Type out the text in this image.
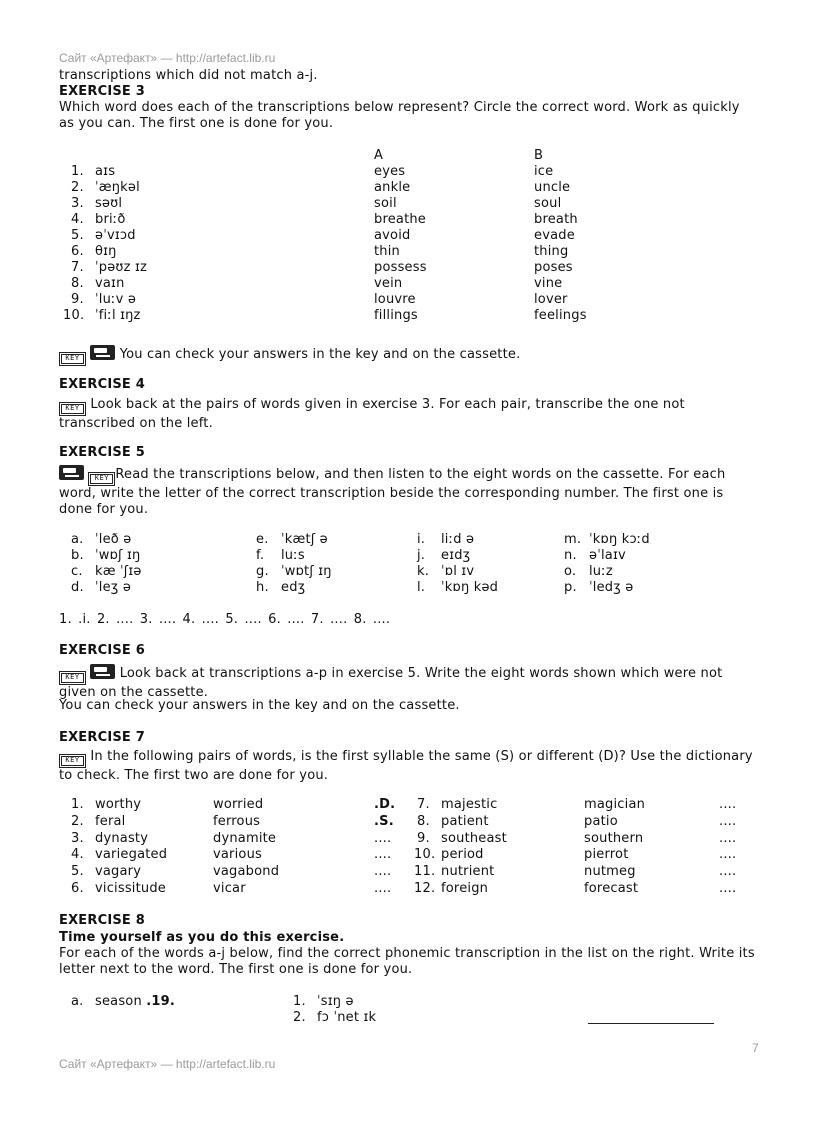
Сайт «Артефакт» — http://artefact.lib.ru
transcriptions which did not match a-j.
EXERCISE 3
Which word does each of the transcriptions below represent? Circle the correct word. Work as quickly as you can. The first one is done for you.
A	B
1. aɪs	eyes	ice
2. ˈæŋkəl	ankle	uncle
3. səʊl	soil	soul
4. briːð	breathe	breath
5. əˈvɪɔd	avoid	evade
6. θɪŋ	thin	thing
7. ˈpəʊz ɪz	possess	poses
8. vaɪn	vein	vine
9. ˈluːv ə	louvre	lover
10. ˈfiːl ɪŋz	fillings	feelings
KEY	You can check your answers in the key and on the cassette.
EXERCISE 4
KEY Look back at the pairs of words given in exercise 3. For each pair, transcribe the one not transcribed on the left.
EXERCISE 5
KEY Read the transcriptions below, and then listen to the eight words on the cassette. For each word, write the letter of the correct transcription beside the corresponding number. The first one is done for you.
a. ˈleð ə	e. ˈkætʃ ə	i. liːd ə	m. ˈkɒŋ kɔːd
b. ˈwɒʃ ɪŋ	f. luːs	j. eɪdʒ	n. əˈlaɪv
c. kæ ˈʃɪə	g. ˈwɒtʃ ɪŋ	k. ˈɒl ɪv	o. luːz
d. ˈleʒ ə	h. edʒ	l. ˈkɒŋ kəd	p. ˈledʒ ə
1. .i. 2. .... 3. .... 4. .... 5. .... 6. .... 7. .... 8. ....
EXERCISE 6
KEY	Look back at transcriptions a-p in exercise 5. Write the eight words shown which were not given on the cassette.
You can check your answers in the key and on the cassette.
EXERCISE 7
KEY In the following pairs of words, is the first syllable the same (S) or different (D)? Use the dictionary to check. The first two are done for you.
1. worthy	worried	.D. 7. majestic	magician	....
2. feral	ferrous	.S. 8. patient	patio	....
3. dynasty	dynamite	.... 9. southeast	southern	....
4. variegated	various	.... 10. period	pierrot	....
5. vagary	vagabond	.... 11. nutrient	nutmeg	....
6. vicissitude	vicar	.... 12. foreign	forecast	....
EXERCISE 8
Time yourself as you do this exercise.
For each of the words a-j below, find the correct phonemic transcription in the list on the right. Write its letter next to the word. The first one is done for you.
a. season .19.	1. ˈsɪŋ ə
2. fɔ ˈnet ɪk
7
Сайт «Артефакт» — http://artefact.lib.ru
